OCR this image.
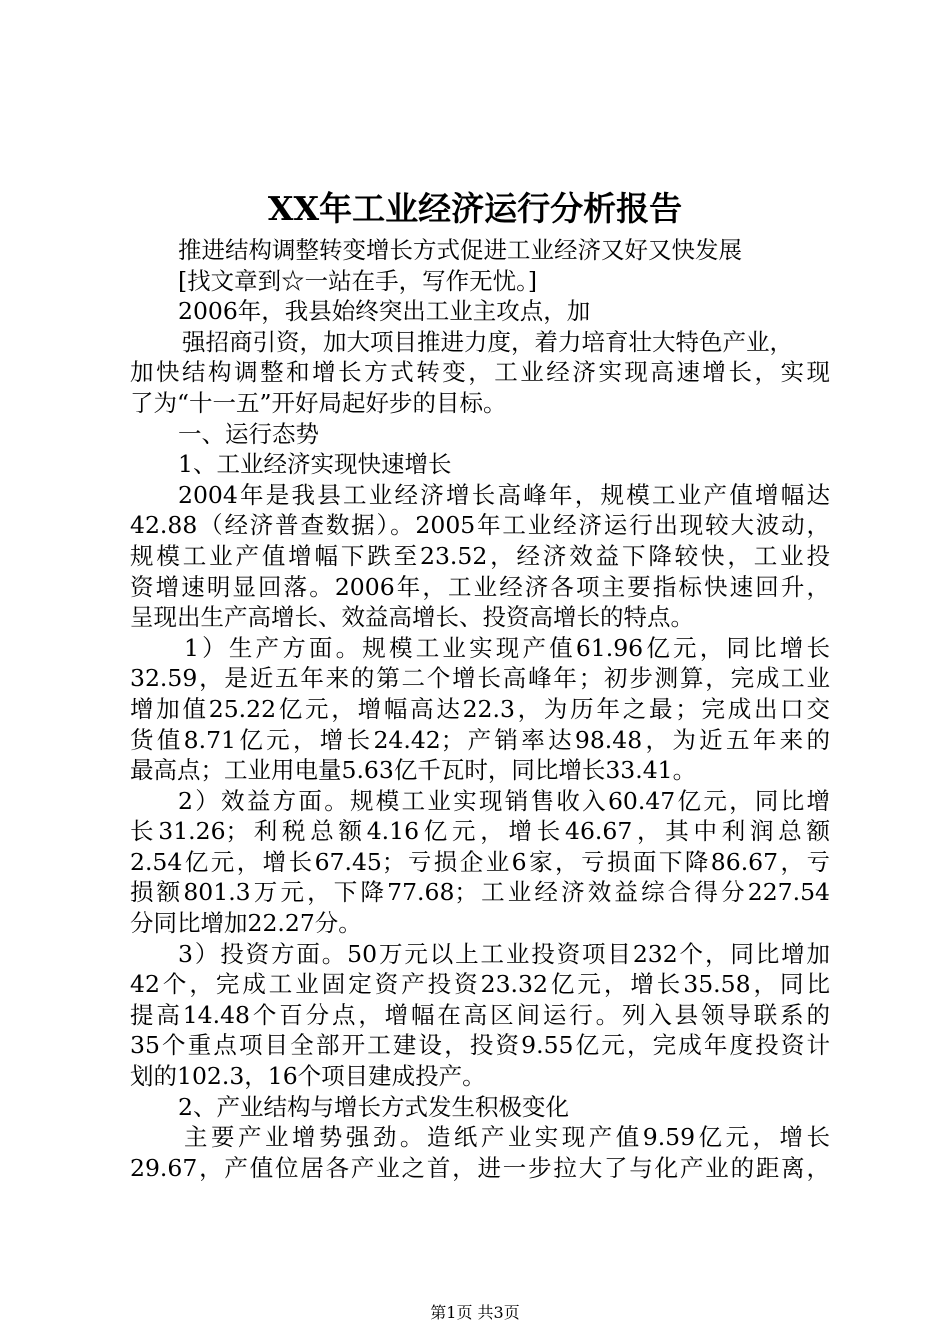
XX年工业经济运行分析报告
推进结构调整转变增长方式促进工业经济又好又快发展
[找文章到☆一站在手，写作无忧。]
2006年，我县始终突出工业主攻点，加
强招商引资，加大项目推进力度，着力培育壮大特色产业，
加快结构调整和增长方式转变，工业经济实现高速增长，实现
了为“十一五”开好局起好步的目标。
一、运行态势
1、工业经济实现快速增长
2004年是我县工业经济增长高峰年，规模工业产值增幅达
42.88（经济普查数据）。2005年工业经济运行出现较大波动，
规模工业产值增幅下跌至23.52，经济效益下降较快，工业投
资增速明显回落。2006年，工业经济各项主要指标快速回升，
呈现出生产高增长、效益高增长、投资高增长的特点。
1）生产方面。规模工业实现产值61.96亿元，同比增长
32.59，是近五年来的第二个增长高峰年；初步测算，完成工业
增加值25.22亿元，增幅高达22.3，为历年之最；完成出口交
货值8.71亿元，增长24.42；产销率达98.48，为近五年来的
最高点；工业用电量5.63亿千瓦时，同比增长33.41。
2）效益方面。规模工业实现销售收入60.47亿元，同比增
长31.26；利税总额4.16亿元，增长46.67，其中利润总额
2.54亿元，增长67.45；亏损企业6家，亏损面下降86.67，亏
损额801.3万元，下降77.68；工业经济效益综合得分227.54
分同比增加22.27分。
3）投资方面。50万元以上工业投资项目232个，同比增加
42个，完成工业固定资产投资23.32亿元，增长35.58，同比
提高14.48个百分点，增幅在高区间运行。列入县领导联系的
35个重点项目全部开工建设，投资9.55亿元，完成年度投资计
划的102.3，16个项目建成投产。
2、产业结构与增长方式发生积极变化
主要产业增势强劲。造纸产业实现产值9.59亿元，增长
29.67，产值位居各产业之首，进一步拉大了与化产业的距离，
第1页 共3页
